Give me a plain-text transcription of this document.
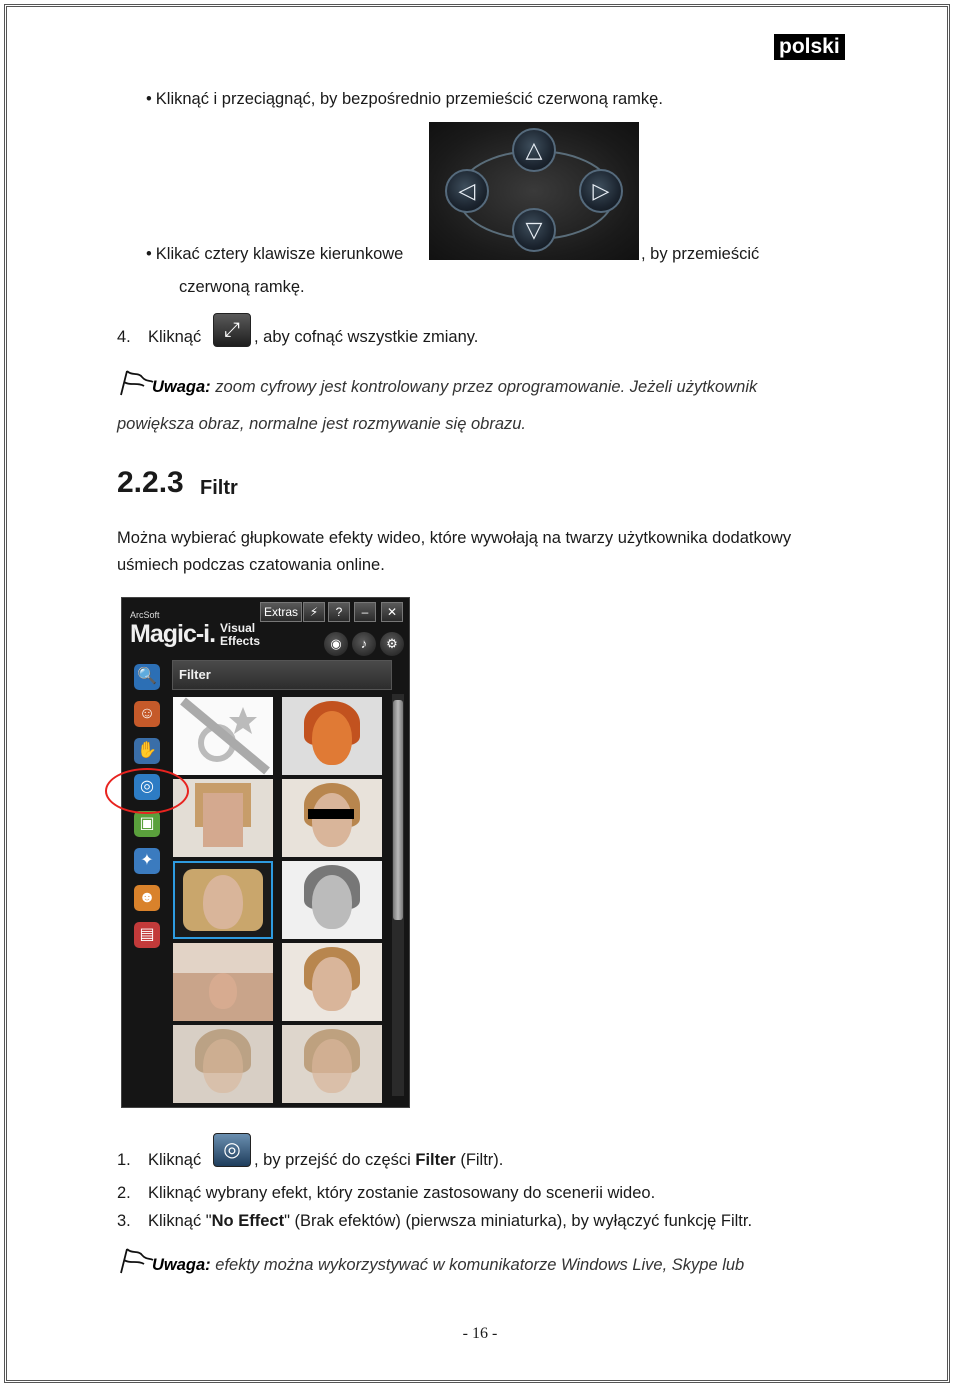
polski
• Kliknąć i przeciągnąć, by bezpośrednio przemieścić czerwoną ramkę.
△
◁	▷
▽
• Klikać cztery klawisze kierunkowe	, by przemieścić
czerwoną ramkę.
4. Kliknąć	⤢ , aby cofnąć wszystkie zmiany.
Uwaga: zoom cyfrowy jest kontrolowany przez oprogramowanie. Jeżeli użytkownik
powiększa obraz, normalne jest rozmywanie się obrazu.
2.2.3 Filtr
Można wybierać głupkowate efekty wideo, które wywołają na twarzy użytkownika dodatkowy
uśmiech podczas czatowania online.
ArcSoft
Magic-i. Visual
Effects
Extras ⚡	?	–	✕
◉	♪	⚙
🔍
☺
✋
◎
▣
✦
☻
▤
Filter
1. Kliknąć	◎ , by przejść do części Filter (Filtr).
2. Kliknąć wybrany efekt, który zostanie zastosowany do scenerii wideo.
3. Kliknąć "No Effect" (Brak efektów) (pierwsza miniaturka), by wyłączyć funkcję Filtr.
Uwaga: efekty można wykorzystywać w komunikatorze Windows Live, Skype lub
- 16 -
